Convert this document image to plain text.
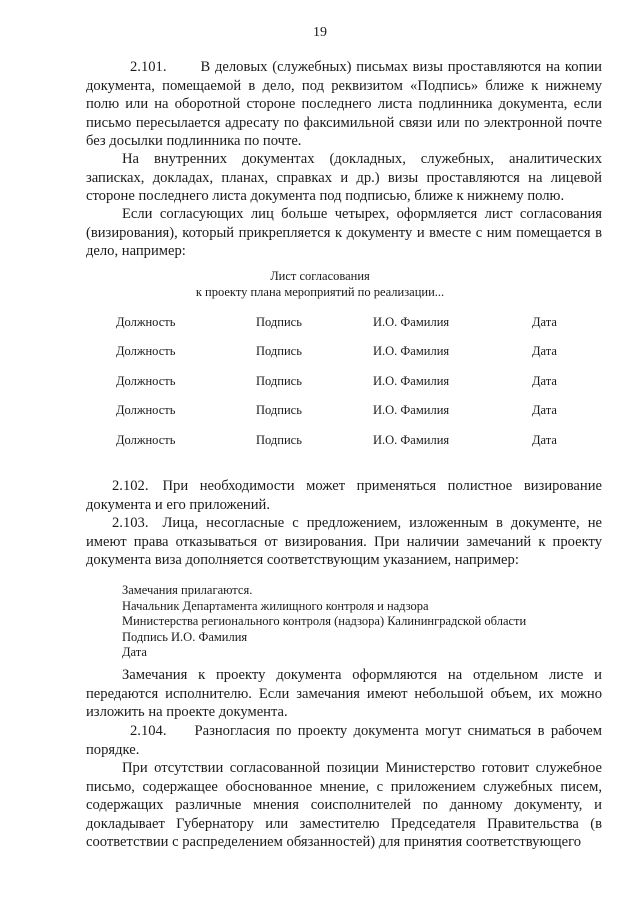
19

2.101. В деловых (служебных) письмах визы проставляются на копии документа, помещаемой в дело, под реквизитом «Подпись» ближе к нижнему полю или на оборотной стороне последнего листа подлинника документа, если письмо пересылается адресату по факсимильной связи или по электронной почте без досылки подлинника по почте.

На внутренних документах (докладных, служебных, аналитических записках, докладах, планах, справках и др.) визы проставляются на лицевой стороне последнего листа документа под подписью, ближе к нижнему полю.

Если согласующих лиц больше четырех, оформляется лист согласования (визирования), который прикрепляется к документу и вместе с ним помещается в дело, например:

Лист согласования
к проекту плана мероприятий по реализации...
Должность	Подпись	И.О. Фамилия	Дата
Должность	Подпись	И.О. Фамилия	Дата
Должность	Подпись	И.О. Фамилия	Дата
Должность	Подпись	И.О. Фамилия	Дата
Должность	Подпись	И.О. Фамилия	Дата

2.102. При необходимости может применяться полистное визирование документа и его приложений.

2.103. Лица, несогласные с предложением, изложенным в документе, не имеют права отказываться от визирования. При наличии замечаний к проекту документа виза дополняется соответствующим указанием, например:

Замечания прилагаются.
Начальник Департамента жилищного контроля и надзора
Министерства регионального контроля (надзора) Калининградской области
Подпись И.О. Фамилия
Дата

Замечания к проекту документа оформляются на отдельном листе и передаются исполнителю. Если замечания имеют небольшой объем, их можно изложить на проекте документа.

2.104. Разногласия по проекту документа могут сниматься в рабочем порядке.

При отсутствии согласованной позиции Министерство готовит служебное письмо, содержащее обоснованное мнение, с приложением служебных писем, содержащих различные мнения соисполнителей по данному документу, и докладывает Губернатору или заместителю Председателя Правительства (в соответствии с распределением обязанностей) для принятия соответствующего
